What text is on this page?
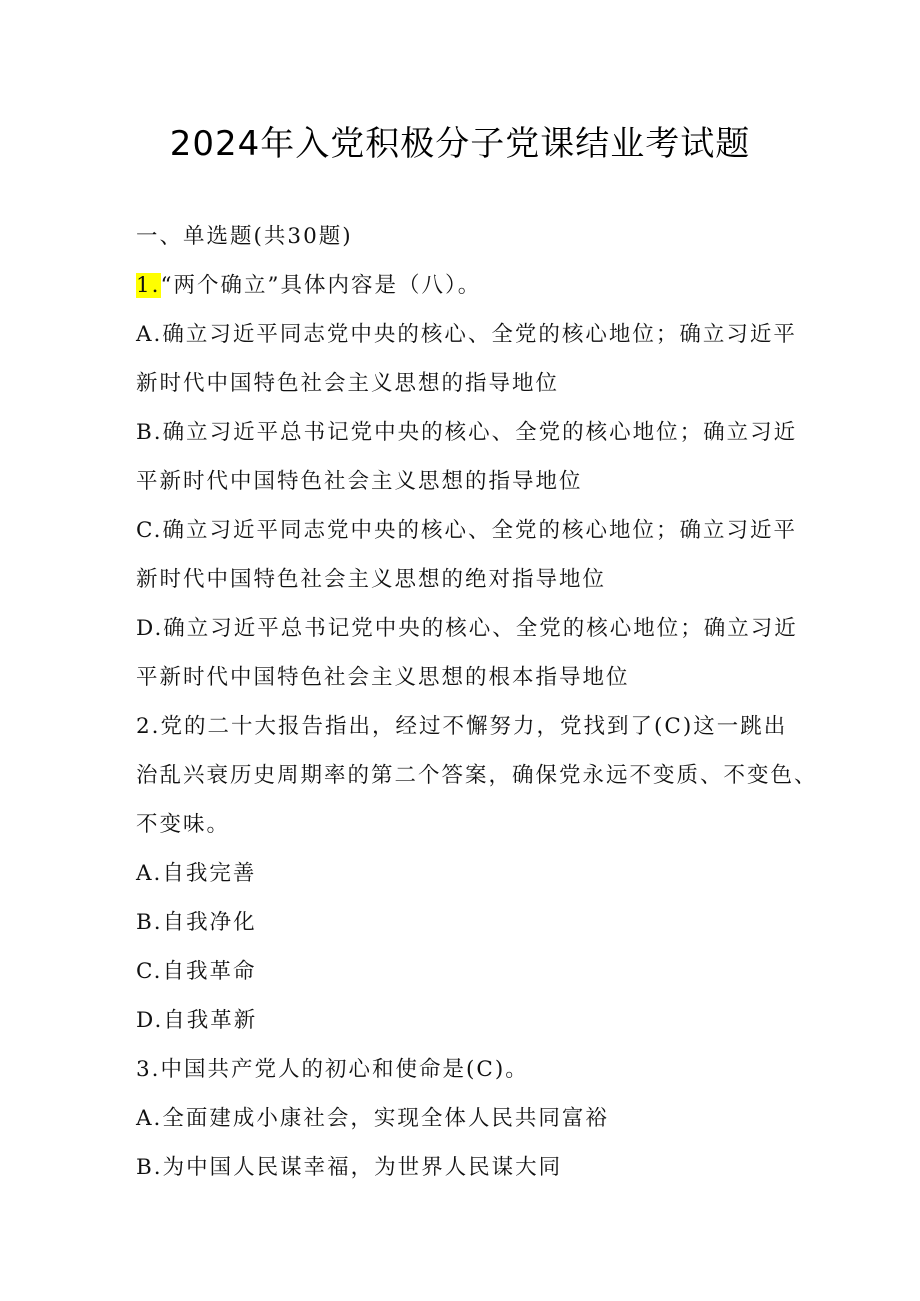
2024年入党积极分子党课结业考试题
一、单选题(共30题)
1.“两个确立”具体内容是（八）。
A.确立习近平同志党中央的核心、全党的核心地位；确立习近平
新时代中国特色社会主义思想的指导地位
B.确立习近平总书记党中央的核心、全党的核心地位；确立习近
平新时代中国特色社会主义思想的指导地位
C.确立习近平同志党中央的核心、全党的核心地位；确立习近平
新时代中国特色社会主义思想的绝对指导地位
D.确立习近平总书记党中央的核心、全党的核心地位；确立习近
平新时代中国特色社会主义思想的根本指导地位
2.党的二十大报告指出，经过不懈努力，党找到了(C)这一跳出
治乱兴衰历史周期率的第二个答案，确保党永远不变质、不变色、
不变味。
A.自我完善
B.自我净化
C.自我革命
D.自我革新
3.中国共产党人的初心和使命是(C)。
A.全面建成小康社会，实现全体人民共同富裕
B.为中国人民谋幸福，为世界人民谋大同
